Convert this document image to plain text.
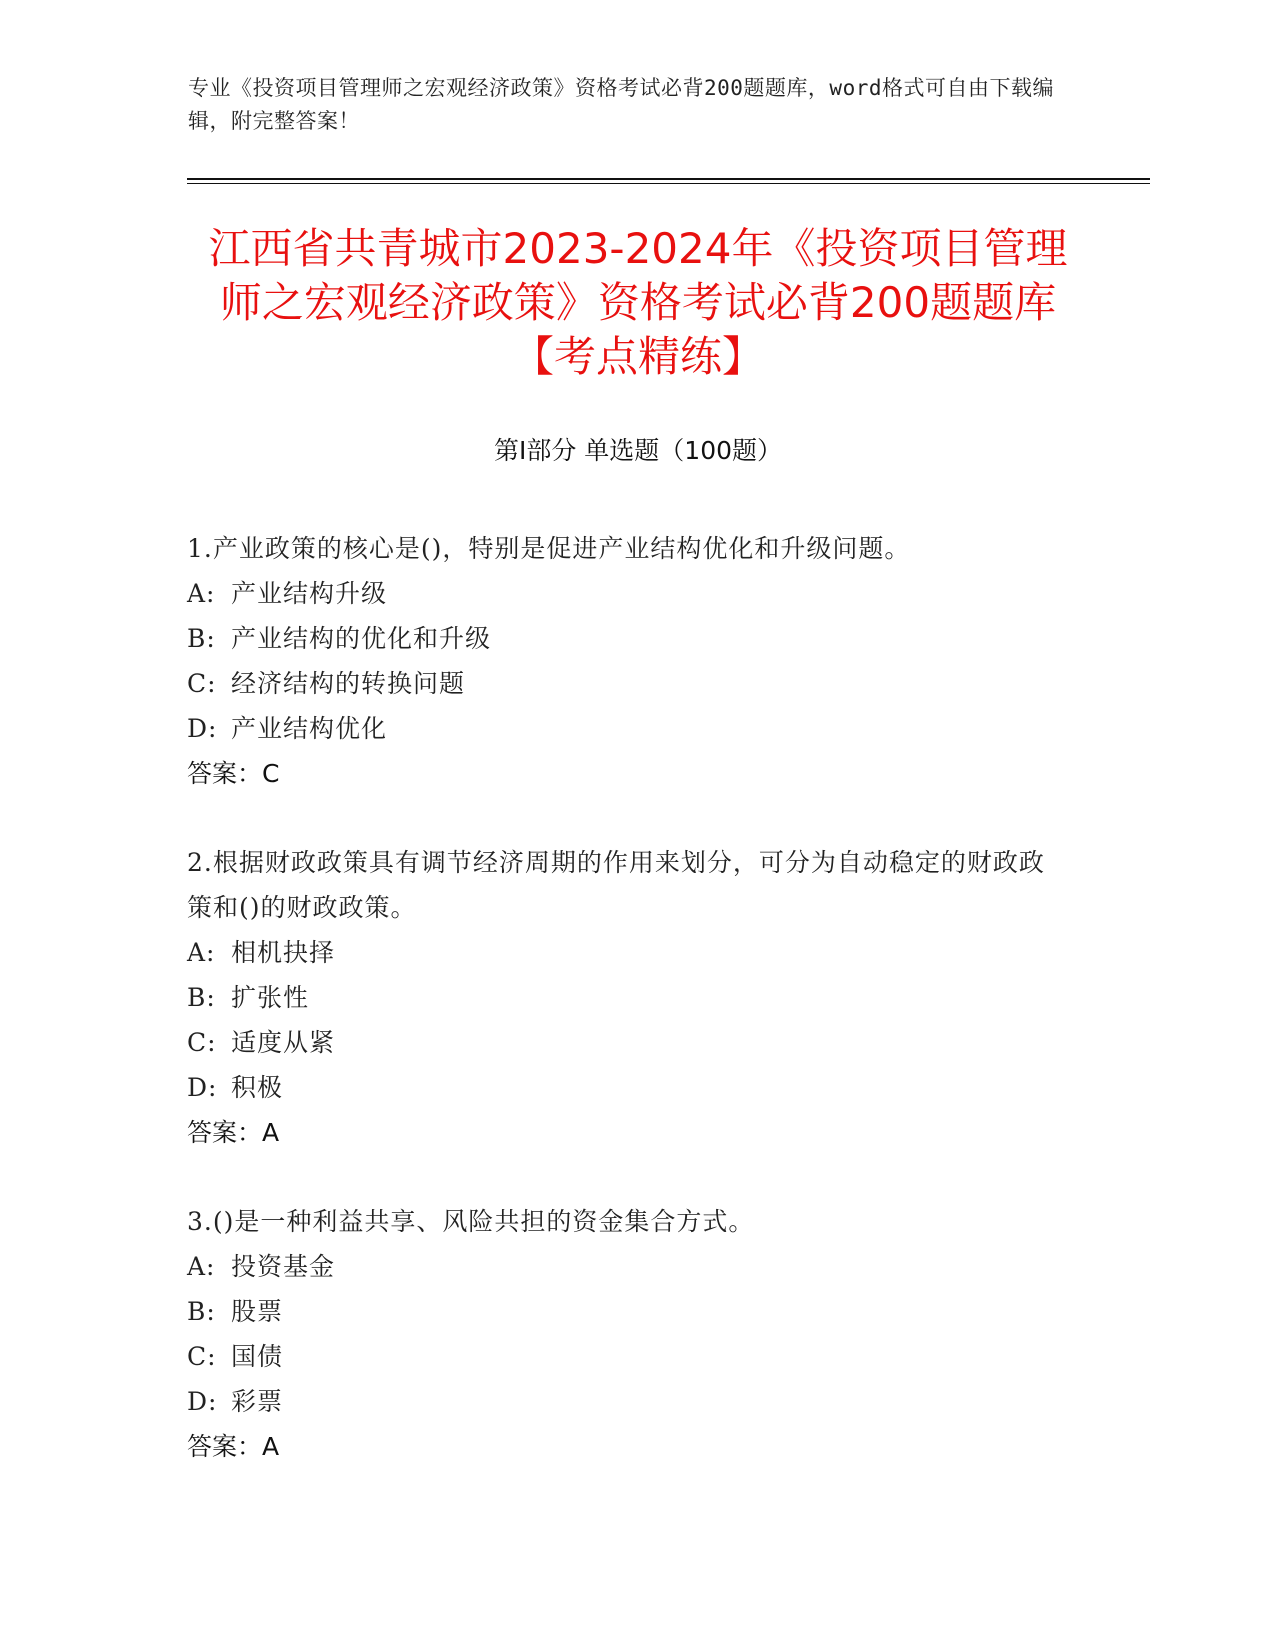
专业《投资项目管理师之宏观经济政策》资格考试必背200题题库，word格式可自由下载编辑，附完整答案！
江西省共青城市2023-2024年《投资项目管理师之宏观经济政策》资格考试必背200题题库【考点精练】
第Ⅰ部分 单选题（100题）
1.产业政策的核心是()，特别是促进产业结构优化和升级问题。
A: 产业结构升级
B: 产业结构的优化和升级
C: 经济结构的转换问题
D: 产业结构优化
答案：C
2.根据财政政策具有调节经济周期的作用来划分，可分为自动稳定的财政政策和()的财政政策。
A: 相机抉择
B: 扩张性
C: 适度从紧
D: 积极
答案：A
3.()是一种利益共享、风险共担的资金集合方式。
A: 投资基金
B: 股票
C: 国债
D: 彩票
答案：A
